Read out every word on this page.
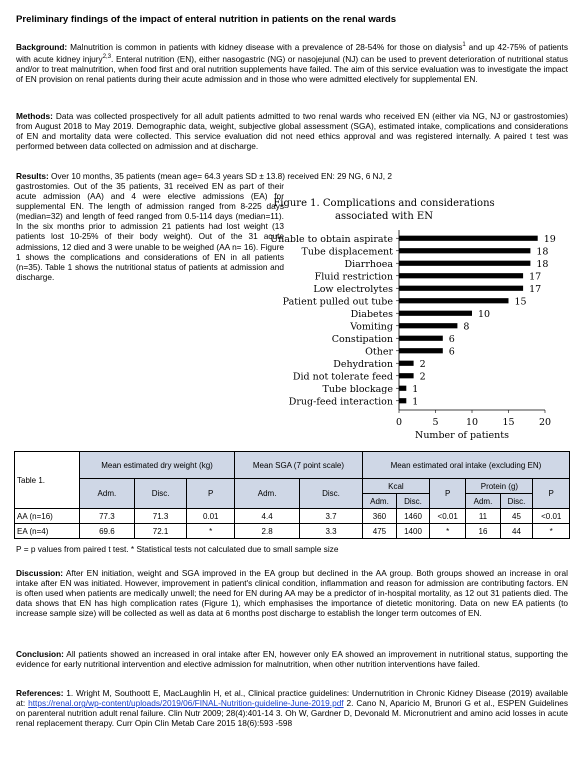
Preliminary findings of the impact of enteral nutrition in patients on the renal wards
Background: Malnutrition is common in patients with kidney disease with a prevalence of 28-54% for those on dialysis$^1$ and up 42-75% of patients with acute kidney injury$^{2,3}$. Enteral nutrition (EN), either nasogastric (NG) or nasojejunal (NJ) can be used to prevent deterioration of nutritional status and/or to treat malnutrition, when food first and oral nutrition supplements have failed. The aim of this service evaluation was to investigate the impact of EN provision on renal patients during their acute admission and in those who were admitted electively for supplemental EN.
Methods: Data was collected prospectively for all adult patients admitted to two renal wards who received EN (either via NG, NJ or gastrostomies) from August 2018 to May 2019. Demographic data, weight, subjective global assessment (SGA), estimated intake, complications and considerations of EN and mortality data were collected. This service evaluation did not need ethics approval and was registered internally. A paired t test was performed between data collected on admission and at discharge.
Results: Over 10 months, 35 patients (mean age= 64.3 years SD ± 13.8) received EN: 29 NG, 6 NJ, 2
gastrostomies. Out of the 35 patients, 31 received EN as part of their acute admission (AA) and 4 were elective admissions (EA) for supplemental EN. The length of admission ranged from 8-225 days (median=32) and length of feed ranged from 0.5-114 days (median=11). In the six months prior to admission 21 patients had lost weight (13 patients lost 10-25% of their body weight). Out of the 31 acute admissions, 12 died and 3 were unable to be weighed (AA n= 16). Figure 1 shows the complications and considerations of EN in all patients (n=35). Table 1 shows the nutritional status of patients at admission and discharge.
Figure 1. Complications and considerations
associated with EN
Unable to obtain aspirate	19
Tube displacement	18
Diarrhoea	18
Fluid restriction	17
Low electrolytes	17
Patient pulled out tube	15
Diabetes	10
Vomiting	8
Constipation	6
Other	6
Dehydration	2
Did not tolerate feed	2
Tube blockage 1
Drug-feed interaction 1
0	5	10	15	20
Number of patients
Table 1.	Mean estimated dry weight (kg)			Mean SGA (7 point scale)		Mean estimated oral intake (excluding EN)					
	Adm.	Disc.	P	Adm.	Disc.	Kcal		P	Protein (g)		P
						Adm.	Disc.		Adm.	Disc.	
AA (n=16)	77.3	71.3	0.01	4.4	3.7	360	1460	<0.01	11	45	<0.01
EA (n=4)	69.6	72.1	*	2.8	3.3	475	1400	*	16	44	*
P = p values from paired t test. * Statistical tests not calculated due to small sample size
Discussion: After EN initiation, weight and SGA improved in the EA group but declined in the AA group. Both groups showed an increase in oral intake after EN was initiated. However, improvement in patient's clinical condition, inflammation and reason for admission are contributing factors. EN is often used when patients are medically unwell; the need for EN during AA may be a predictor of in-hospital mortality, as 12 out 31 patients died. The data shows that EN has high complication rates (Figure 1), which emphasises the importance of dietetic monitoring. Data on new EA patients (to increase sample size) will be collected as well as data at 6 months post discharge to establish the longer term outcomes of EN.
Conclusion: All patients showed an increased in oral intake after EN, however only EA showed an improvement in nutritional status, supporting the evidence for early nutritional intervention and elective admission for malnutrition, when other nutrition interventions have failed.
References: 1. Wright M, Southoott E, MacLaughlin H, et al., Clinical practice guidelines: Undernutrition in Chronic Kidney Disease (2019) available at: https://renal.org/wp-content/uploads/2019/06/FINAL-Nutrition-guideline-June-2019.pdf 2. Cano N, Aparicio M, Brunori G et al., ESPEN Guidelines on parenteral nutrition adult renal failure. Clin Nutr 2009; 28(4):401-14 3. Oh W, Gardner D, Devonald M. Micronutrient and amino acid losses in acute renal replacement therapy. Curr Opin Clin Metab Care 2015 18(6):593 -598
